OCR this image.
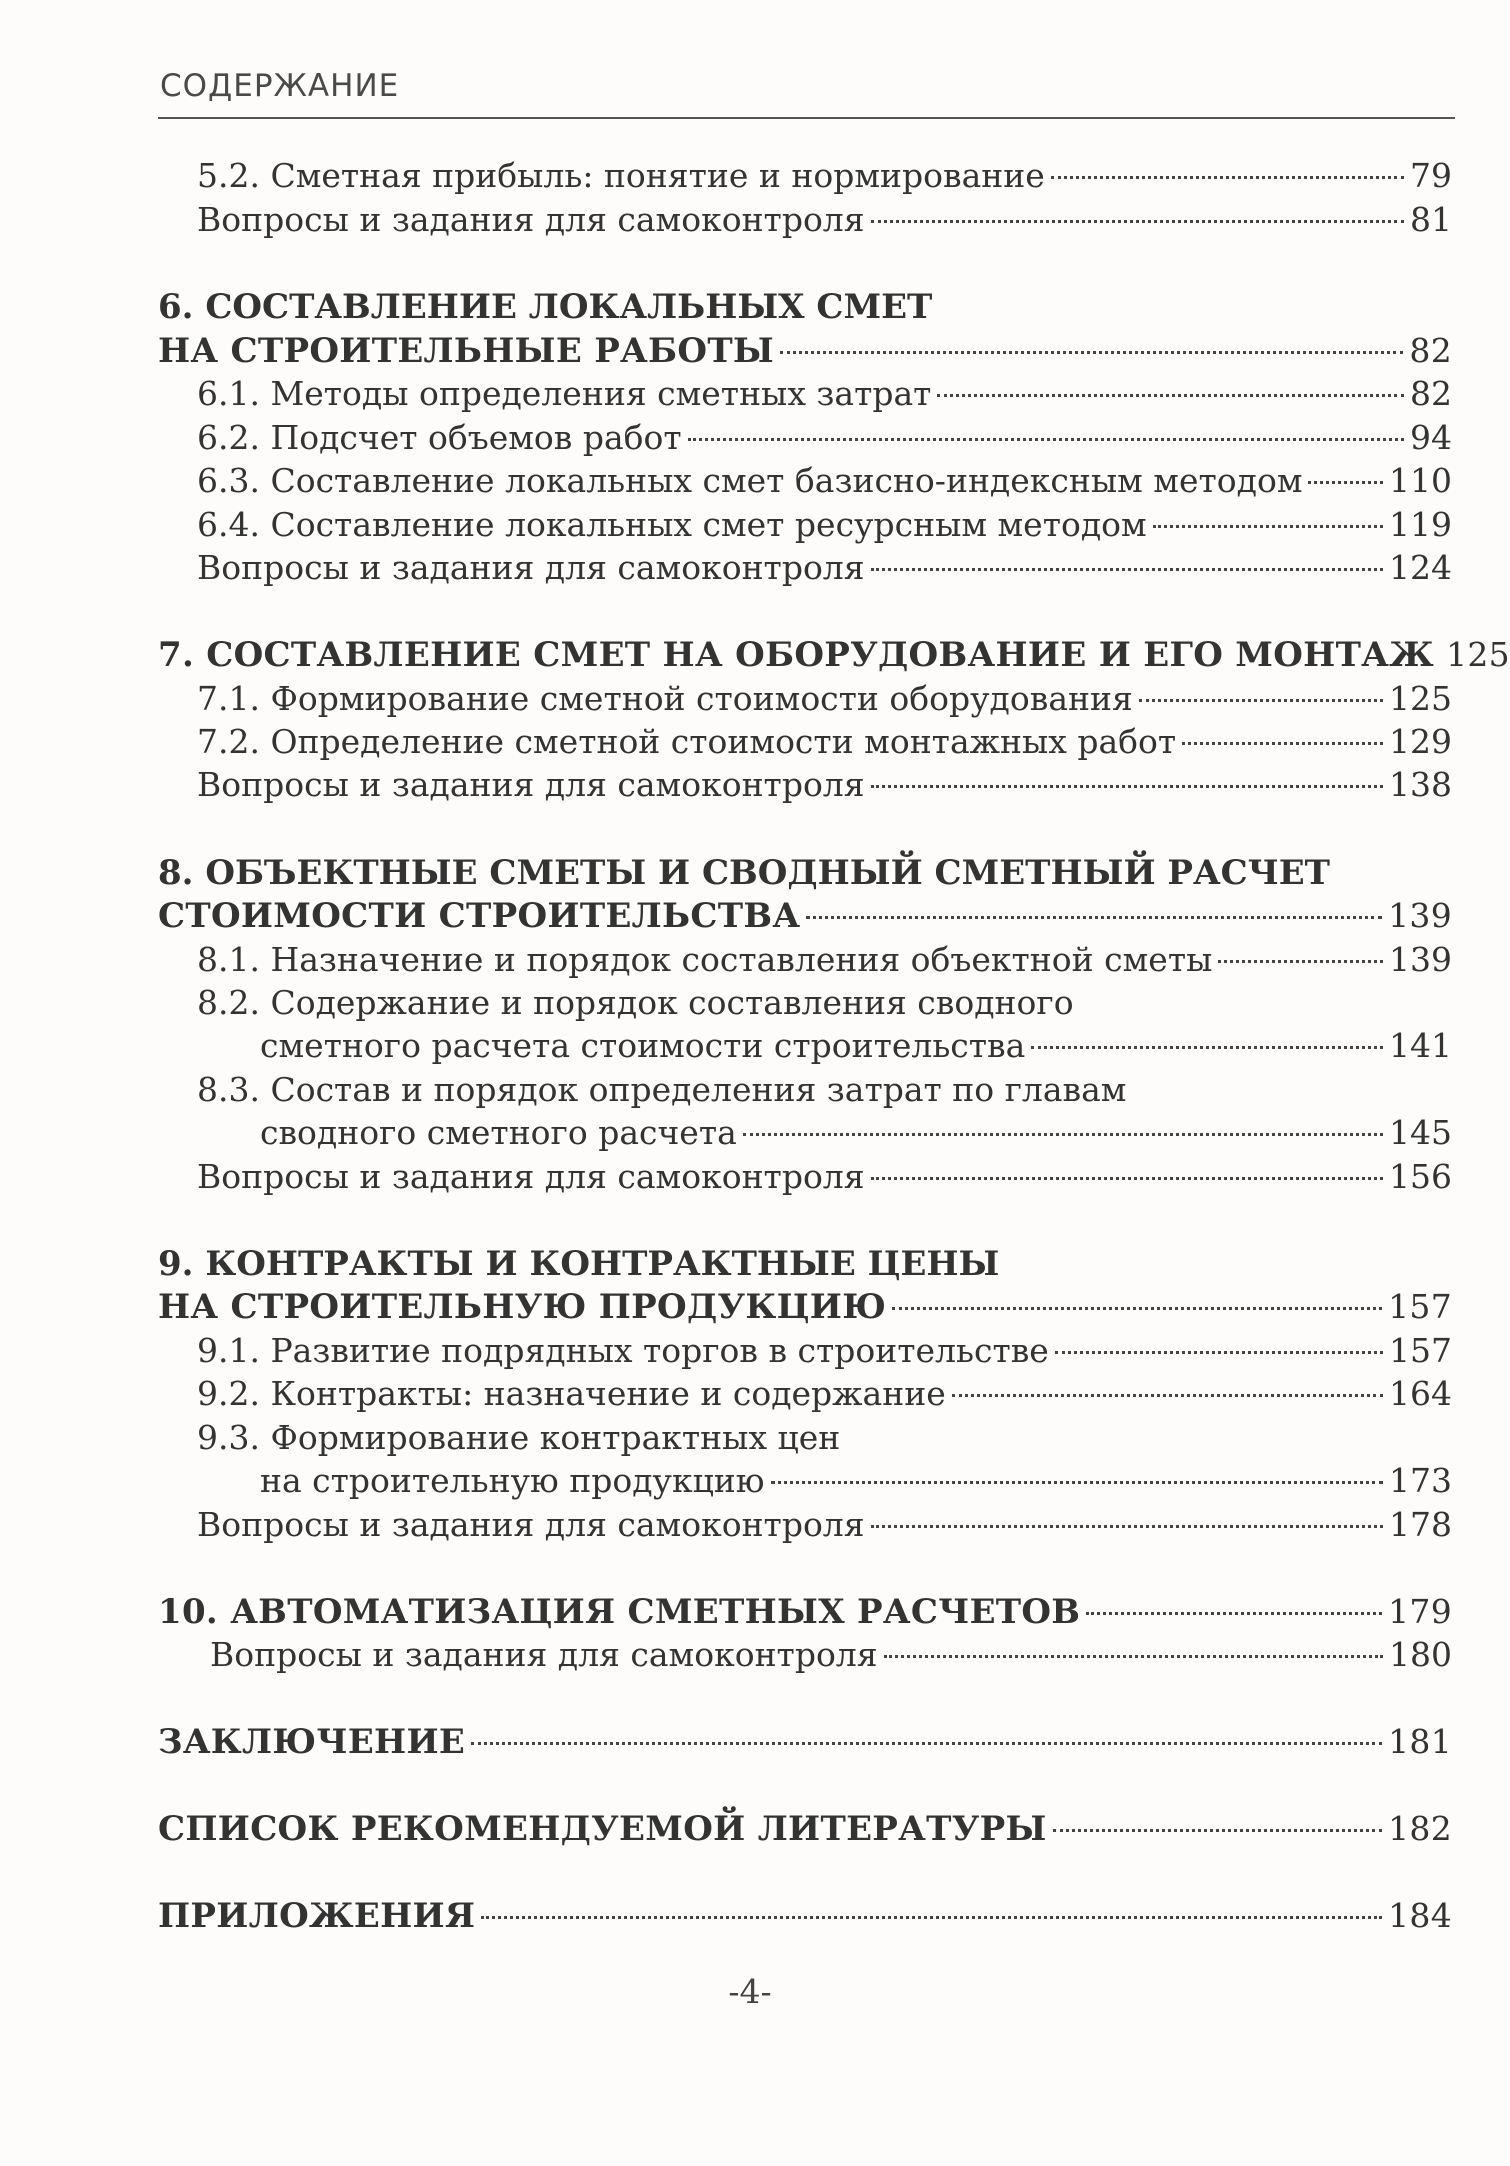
СОДЕРЖАНИЕ
5.2. Сметная прибыль: понятие и нормирование	79
Вопросы и задания для самоконтроля	81
6. СОСТАВЛЕНИЕ ЛОКАЛЬНЫХ СМЕТ
НА СТРОИТЕЛЬНЫЕ РАБОТЫ	82
6.1. Методы определения сметных затрат	82
6.2. Подсчет объемов работ	94
6.3. Составление локальных смет базисно-индексным методом	110
6.4. Составление локальных смет ресурсным методом	119
Вопросы и задания для самоконтроля	124
7. СОСТАВЛЕНИЕ СМЕТ НА ОБОРУДОВАНИЕ И ЕГО МОНТАЖ 125
7.1. Формирование сметной стоимости оборудования	125
7.2. Определение сметной стоимости монтажных работ	129
Вопросы и задания для самоконтроля	138
8. ОБЪЕКТНЫЕ СМЕТЫ И СВОДНЫЙ СМЕТНЫЙ РАСЧЕТ
СТОИМОСТИ СТРОИТЕЛЬСТВА	139
8.1. Назначение и порядок составления объектной сметы	139
8.2. Содержание и порядок составления сводного
сметного расчета стоимости строительства	141
8.3. Состав и порядок определения затрат по главам
сводного сметного расчета	145
Вопросы и задания для самоконтроля	156
9. КОНТРАКТЫ И КОНТРАКТНЫЕ ЦЕНЫ
НА СТРОИТЕЛЬНУЮ ПРОДУКЦИЮ	157
9.1. Развитие подрядных торгов в строительстве	157
9.2. Контракты: назначение и содержание	164
9.3. Формирование контрактных цен
на строительную продукцию	173
Вопросы и задания для самоконтроля	178
10. АВТОМАТИЗАЦИЯ СМЕТНЫХ РАСЧЕТОВ	179
Вопросы и задания для самоконтроля	180
ЗАКЛЮЧЕНИЕ	181
СПИСОК РЕКОМЕНДУЕМОЙ ЛИТЕРАТУРЫ	182
ПРИЛОЖЕНИЯ	184
-4-
